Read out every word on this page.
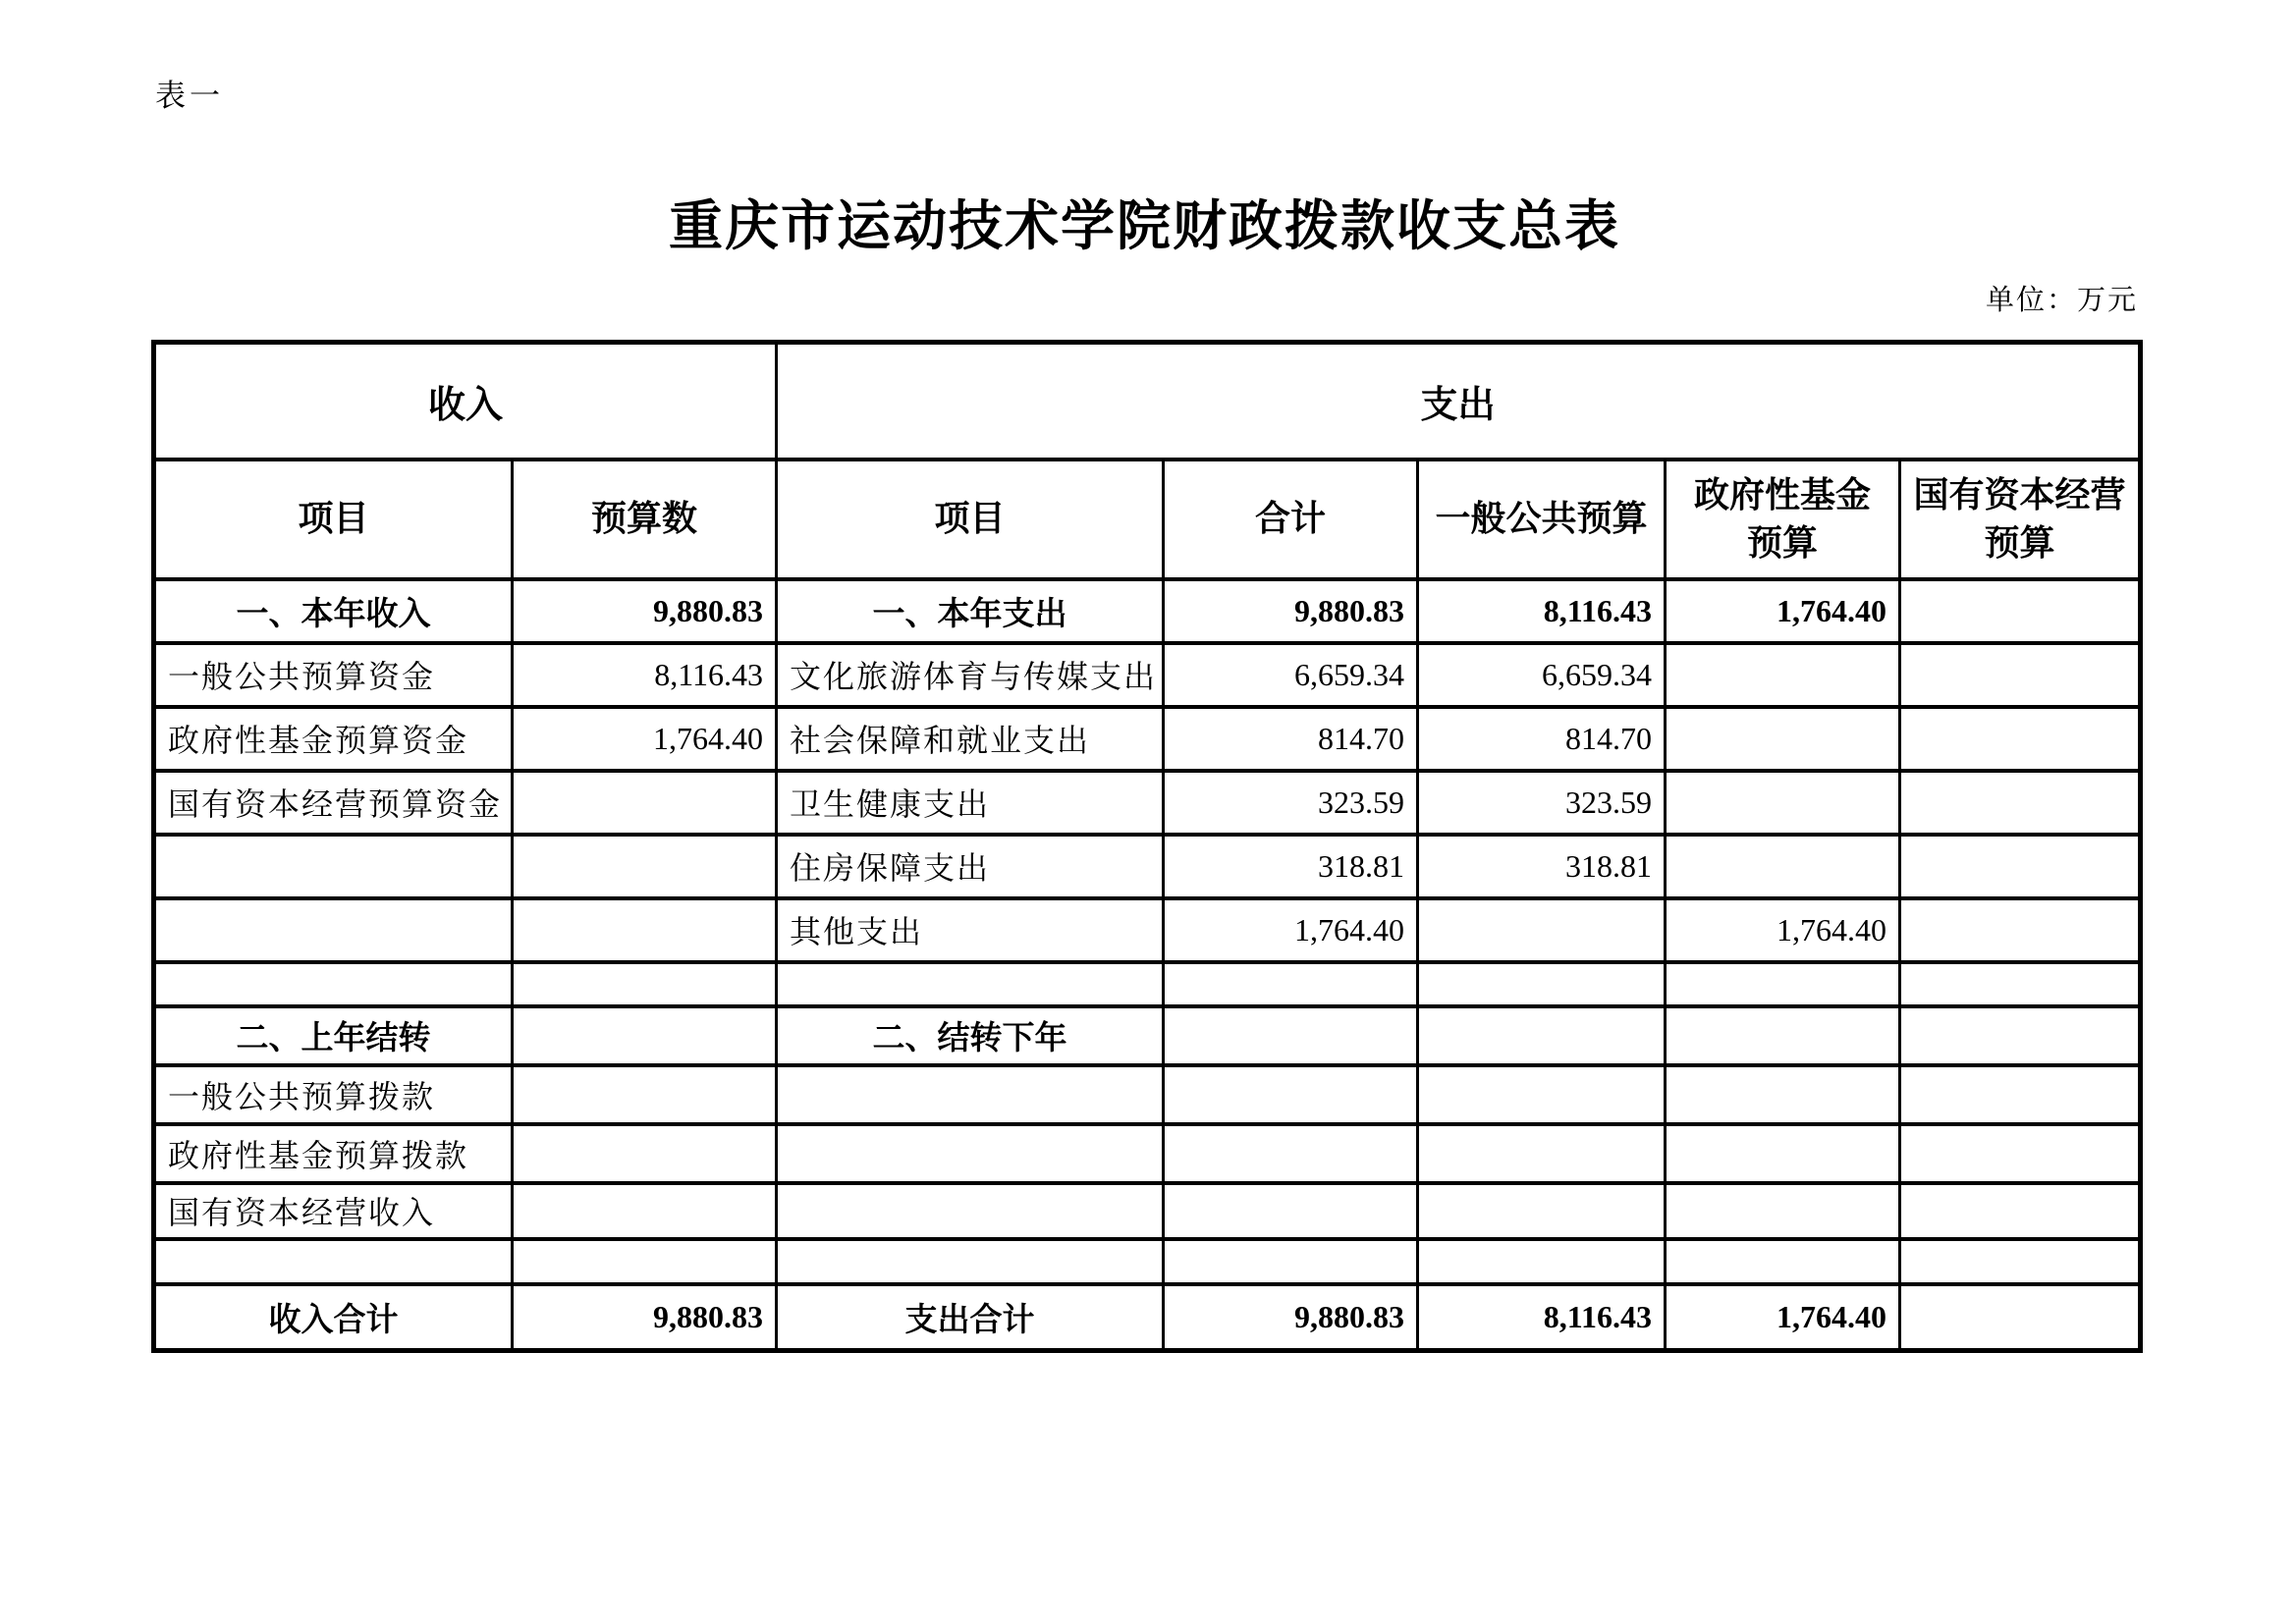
表一
重庆市运动技术学院财政拨款收支总表
单位：万元
收入		支出				
项目	预算数	项目	合计	一般公共预算	政府性基金预算	国有资本经营预算
一、本年收入	9,880.83	一、本年支出	9,880.83	8,116.43	1,764.40	
一般公共预算资金	8,116.43	文化旅游体育与传媒支出	6,659.34	6,659.34		
政府性基金预算资金	1,764.40	社会保障和就业支出	814.70	814.70		
国有资本经营预算资金		卫生健康支出	323.59	323.59		
		住房保障支出	318.81	318.81		
		其他支出	1,764.40		1,764.40	

二、上年结转		二、结转下年				
一般公共预算拨款						
政府性基金预算拨款						
国有资本经营收入						

收入合计	9,880.83	支出合计	9,880.83	8,116.43	1,764.40	
